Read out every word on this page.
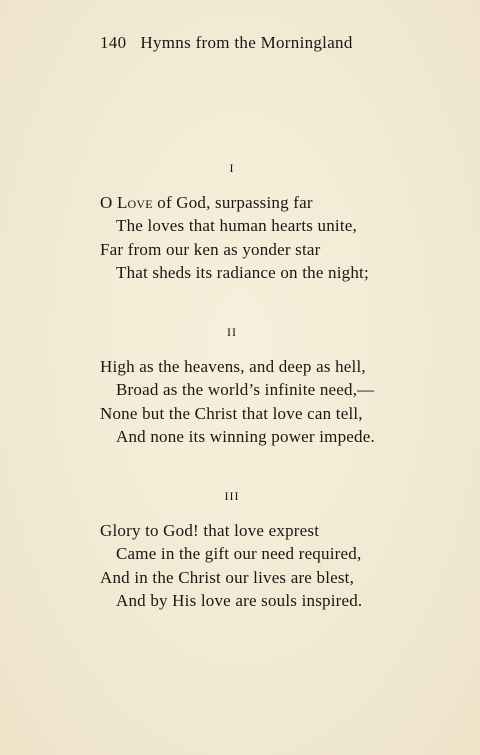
140 Hymns from the Morningland
I
O Love of God, surpassing far
The loves that human hearts unite,
Far from our ken as yonder star
That sheds its radiance on the night;
II
High as the heavens, and deep as hell,
Broad as the world’s infinite need,—
None but the Christ that love can tell,
And none its winning power impede.
III
Glory to God! that love exprest
Came in the gift our need required,
And in the Christ our lives are blest,
And by His love are souls inspired.
